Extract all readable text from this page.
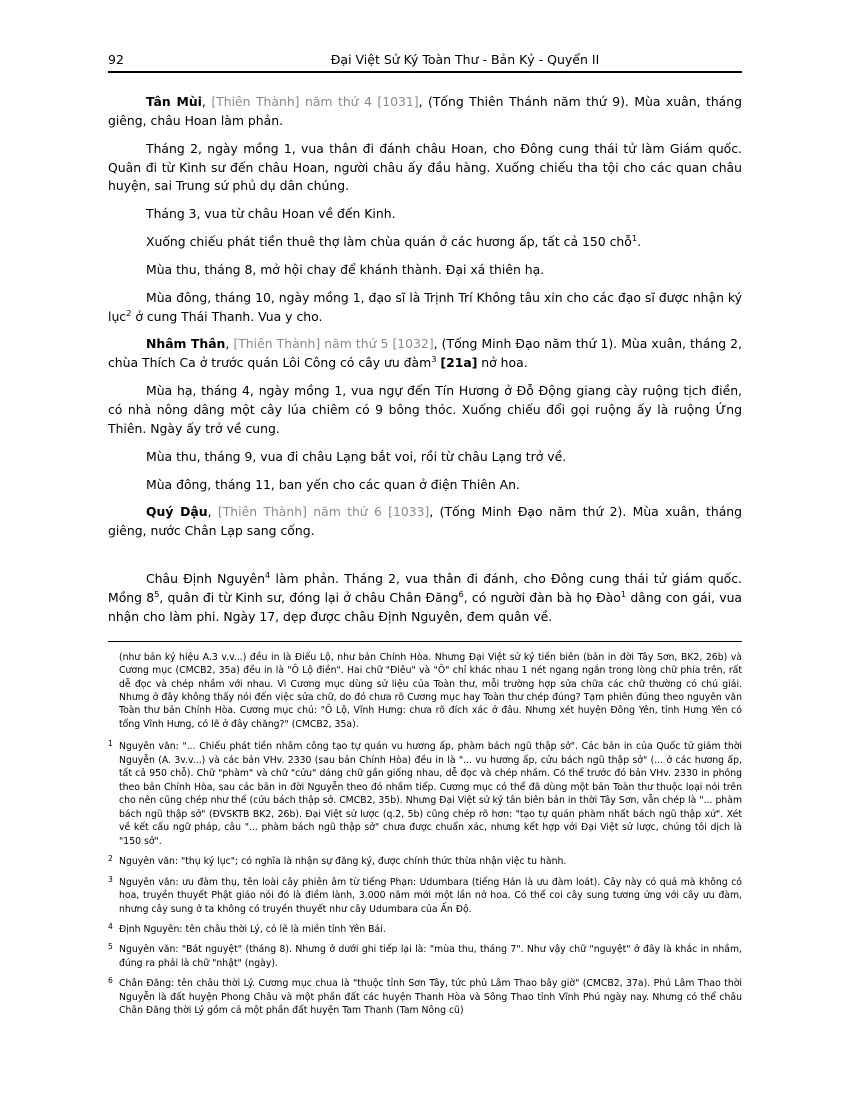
92	Đại Việt Sử Ký Toàn Thư - Bản Kỷ - Quyển II

Tân Mùi, [Thiên Thành] năm thứ 4 [1031], (Tống Thiên Thánh năm thứ 9). Mùa xuân, tháng giêng, châu Hoan làm phản.

Tháng 2, ngày mồng 1, vua thân đi đánh châu Hoan, cho Đông cung thái tử làm Giám quốc. Quân đi từ Kinh sư đến châu Hoan, người châu ấy đầu hàng. Xuống chiếu tha tội cho các quan châu huyện, sai Trung sứ phủ dụ dân chúng.

Tháng 3, vua từ châu Hoan về đến Kinh.

Xuống chiếu phát tiền thuê thợ làm chùa quán ở các hương ấp, tất cả 150 chỗ$^1$.

Mùa thu, tháng 8, mở hội chay để khánh thành. Đại xá thiên hạ.

Mùa đông, tháng 10, ngày mồng 1, đạo sĩ là Trịnh Trí Không tâu xin cho các đạo sĩ được nhận ký lục$^2$ ở cung Thái Thanh. Vua y cho.

Nhâm Thân, [Thiên Thành] năm thứ 5 [1032], (Tống Minh Đạo năm thứ 1). Mùa xuân, tháng 2, chùa Thích Ca ở trước quán Lôi Công có cây ưu đàm$^3$ [21a] nở hoa.

Mùa hạ, tháng 4, ngày mồng 1, vua ngự đến Tín Hương ở Đỗ Động giang cày ruộng tịch điền, có nhà nông dâng một cây lúa chiêm có 9 bông thóc. Xuống chiếu đổi gọi ruộng ấy là ruộng Ứng Thiên. Ngày ấy trở về cung.

Mùa thu, tháng 9, vua đi châu Lạng bắt voi, rồi từ châu Lạng trở về.

Mùa đông, tháng 11, ban yến cho các quan ở điện Thiên An.

Quý Dậu, [Thiên Thành] năm thứ 6 [1033], (Tống Minh Đạo năm thứ 2). Mùa xuân, tháng giêng, nước Chân Lạp sang cống.

Châu Định Nguyên$^4$ làm phản. Tháng 2, vua thân đi đánh, cho Đông cung thái tử giám quốc. Mồng $8^5$, quân đi từ Kinh sư, đóng lại ở châu Chân Đăng$^6$, có người đàn bà họ Đào$^1$ dâng con gái, vua nhận cho làm phi. Ngày 17, dẹp được châu Định Nguyên, đem quân về.

(như bản ký hiệu A.3 v.v...) đều in là Điếu Lộ, như bản Chính Hòa. Nhưng Đại Việt sử ký tiền biên (bản in đời Tây Sơn, BK2, 26b) và Cương mục (CMCB2, 35a) đều in là "Ô Lộ điền". Hai chữ "Điêu" và "Ô" chỉ khác nhau 1 nét ngang ngắn trong lòng chữ phía trên, rất dễ đọc và chép nhầm với nhau. Vì Cương mục dùng sử liệu của Toàn thư, mỗi trường hợp sửa chữa các chữ thường có chú giải. Nhưng ở đây không thấy nói đến việc sửa chữ, do đó chưa rõ Cương mục hay Toàn thư chép đúng? Tạm phiên đúng theo nguyên văn Toàn thư bản Chính Hòa. Cương mục chú: "Ô Lộ, Vĩnh Hưng: chưa rõ đích xác ở đâu. Nhưng xét huyện Đông Yên, tỉnh Hưng Yên có tổng Vĩnh Hưng, có lẽ ở đây chăng?" (CMCB2, 35a).
1 Nguyên văn: "... Chiếu phát tiền nhâm công tạo tự quán vu hương ấp, phàm bách ngũ thập sở". Các bản in của Quốc tử giám thời Nguyễn (A. 3v.v...) và các bản VHv. 2330 (sau bản Chính Hòa) đều in là "... vu hương ấp, cửu bách ngũ thập sở" (... ở các hương ấp, tất cả 950 chỗ). Chữ "phàm" và chữ "cửu" dáng chữ gần giống nhau, dễ đọc và chép nhầm. Có thể trước đó bản VHv. 2330 in phỏng theo bản Chính Hòa, sau các bản in đời Nguyễn theo đó nhầm tiếp. Cương mục có thể đã dùng một bản Toàn thư thuộc loại nói trên cho nên cũng chép như thế (cứu bách thập sở. CMCB2, 35b). Nhưng Đại Việt sử ký tân biên bản in thời Tây Sơn, vẫn chép là "... phàm bách ngũ thập sở" (ĐVSKTB BK2, 26b). Đại Việt sử lược (q.2, 5b) cũng chép rõ hơn: "tạo tự quán phàm nhất bách ngũ thập xứ". Xét về kết cấu ngữ pháp, câu "... phàm bách ngũ thập sở" chưa được chuẩn xác, nhưng kết hợp với Đại Việt sử lược, chúng tôi dịch là "150 sở".
2 Nguyên văn: "thụ ký lục"; có nghĩa là nhận sự đăng ký, được chính thức thừa nhận việc tu hành.
3 Nguyên văn: ưu đàm thụ, tên loài cây phiên âm từ tiếng Phạn: Udumbara (tiếng Hán là ưu đàm loát). Cây này có quả mà không có hoa, truyền thuyết Phật giáo nói đó là điềm lành, 3.000 năm mới một lần nở hoa. Có thể coi cây sung tương ứng với cây ưu đàm, nhưng cây sung ở ta không có truyền thuyết như cây Udumbara của Ấn Độ.
4 Định Nguyên: tên châu thời Lý, có lẽ là miền tỉnh Yên Bái.
5 Nguyên văn: "Bát nguyệt" (tháng 8). Nhưng ở dưới ghi tiếp lại là: "mùa thu, tháng 7". Như vậy chữ "nguyệt" ở đây là khắc in nhầm, đúng ra phải là chữ "nhật" (ngày).
6 Chân Đăng: tên châu thời Lý. Cương mục chua là "thuộc tỉnh Sơn Tây, tức phủ Lâm Thao bây giờ" (CMCB2, 37a). Phú Lâm Thao thời Nguyễn là đất huyện Phong Châu và một phần đất các huyện Thanh Hòa và Sông Thao tỉnh Vĩnh Phú ngày nay. Nhưng có thể châu Chân Đăng thời Lý gồm cả một phần đất huyện Tam Thanh (Tam Nông cũ)
